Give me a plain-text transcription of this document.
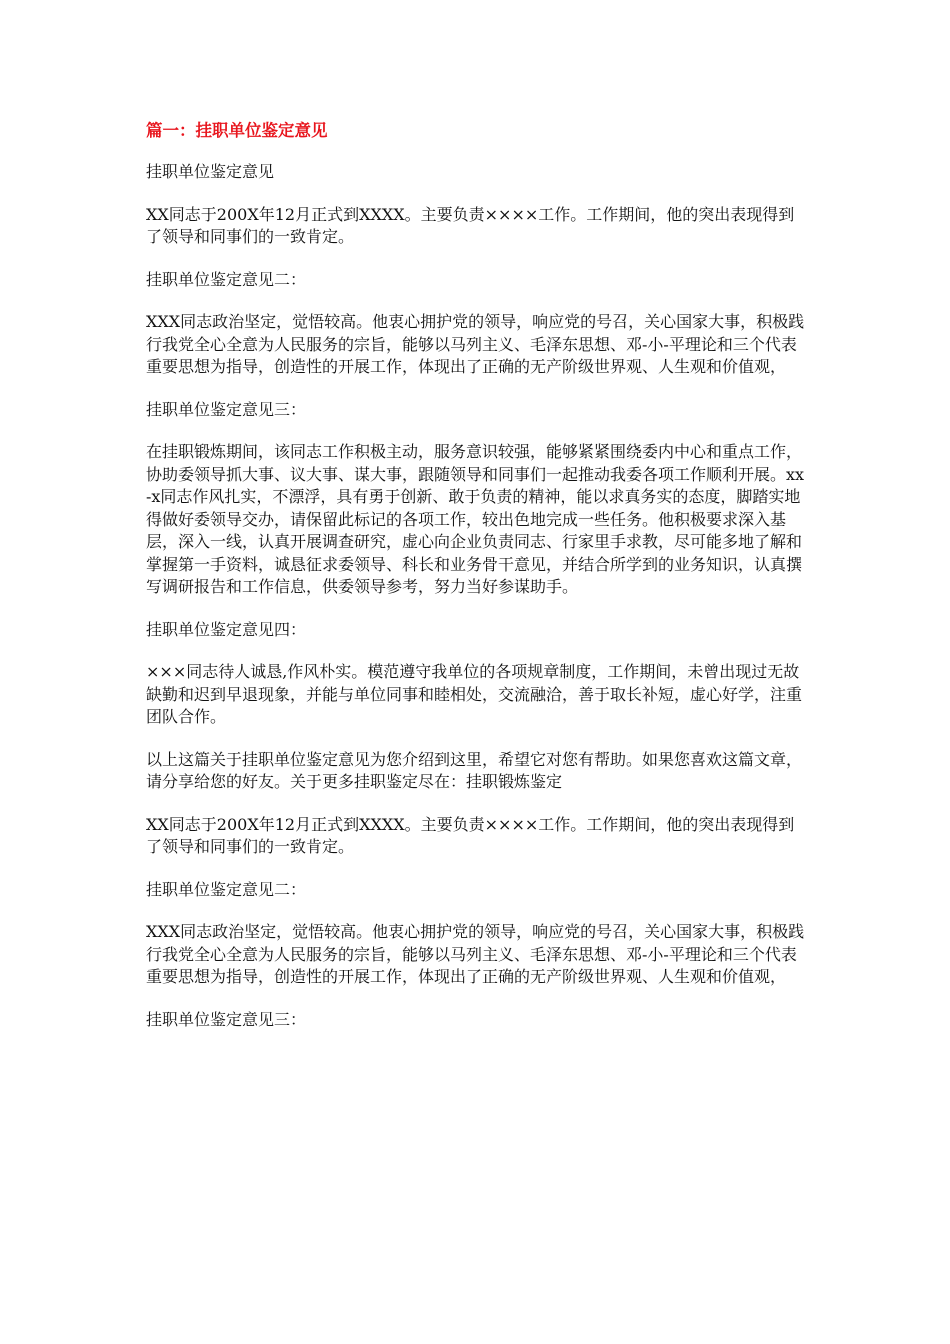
篇一：挂职单位鉴定意见

挂职单位鉴定意见

XX同志于200X年12月正式到XXXX。主要负责××××工作。工作期间，他的突出表现得到了领导和同事们的一致肯定。

挂职单位鉴定意见二：

XXX同志政治坚定，觉悟较高。他衷心拥护党的领导，响应党的号召，关心国家大事，积极践行我党全心全意为人民服务的宗旨，能够以马列主义、毛泽东思想、邓-小-平理论和三个代表重要思想为指导，创造性的开展工作，体现出了正确的无产阶级世界观、人生观和价值观，

挂职单位鉴定意见三：

在挂职锻炼期间，该同志工作积极主动，服务意识较强，能够紧紧围绕委内中心和重点工作，协助委领导抓大事、议大事、谋大事，跟随领导和同事们一起推动我委各项工作顺利开展。xx-x同志作风扎实，不漂浮，具有勇于创新、敢于负责的精神，能以求真务实的态度，脚踏实地得做好委领导交办，请保留此标记的各项工作，较出色地完成一些任务。他积极要求深入基层，深入一线，认真开展调查研究，虚心向企业负责同志、行家里手求教，尽可能多地了解和掌握第一手资料，诚恳征求委领导、科长和业务骨干意见，并结合所学到的业务知识，认真撰写调研报告和工作信息，供委领导参考，努力当好参谋助手。

挂职单位鉴定意见四：

×××同志待人诚恳,作风朴实。模范遵守我单位的各项规章制度，工作期间，未曾出现过无故缺勤和迟到早退现象，并能与单位同事和睦相处，交流融洽，善于取长补短，虚心好学，注重团队合作。

以上这篇关于挂职单位鉴定意见为您介绍到这里，希望它对您有帮助。如果您喜欢这篇文章，请分享给您的好友。关于更多挂职鉴定尽在：挂职锻炼鉴定

XX同志于200X年12月正式到XXXX。主要负责××××工作。工作期间，他的突出表现得到了领导和同事们的一致肯定。

挂职单位鉴定意见二：

XXX同志政治坚定，觉悟较高。他衷心拥护党的领导，响应党的号召，关心国家大事，积极践行我党全心全意为人民服务的宗旨，能够以马列主义、毛泽东思想、邓-小-平理论和三个代表重要思想为指导，创造性的开展工作，体现出了正确的无产阶级世界观、人生观和价值观，

挂职单位鉴定意见三：
